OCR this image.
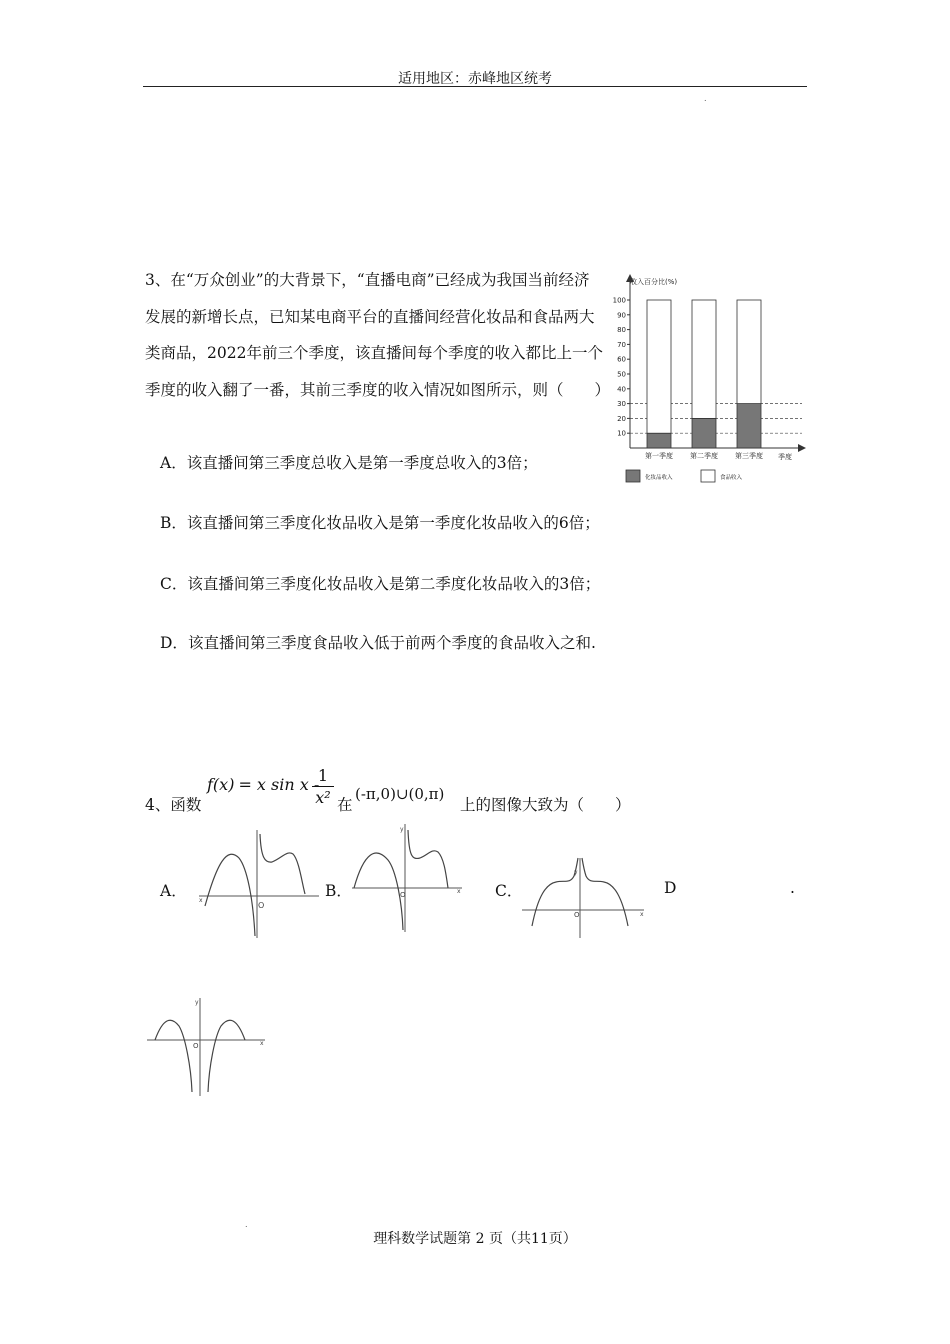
适用地区：赤峰地区统考
.
3、在“万众创业”的大背景下，“直播电商”已经成为我国当前经济发展的新增长点，已知某电商平台的直播间经营化妆品和食品两大类商品，2022年前三个季度，该直播间每个季度的收入都比上一个季度的收入翻了一番，其前三季度的收入情况如图所示，则（　　）
A．该直播间第三季度总收入是第一季度总收入的3倍；
B．该直播间第三季度化妆品收入是第一季度化妆品收入的6倍；
C．该直播间第三季度化妆品收入是第二季度化妆品收入的3倍；
D．该直播间第三季度食品收入低于前两个季度的食品收入之和.
收入百分比(%)
季度
10
20
30
40
50
60
70
80
90
100
第一季度 第二季度 第三季度
化妆品收入	食品收入
4、函数
f(x) = x sin x -
1
x² 在
(-π,0)∪(0,π)
上的图像大致为（　　）
A．	B．	C．	D	.
x
O
x
y
O
x
y
O
x
y
O
.
理科数学试题第 2 页（共11页）
